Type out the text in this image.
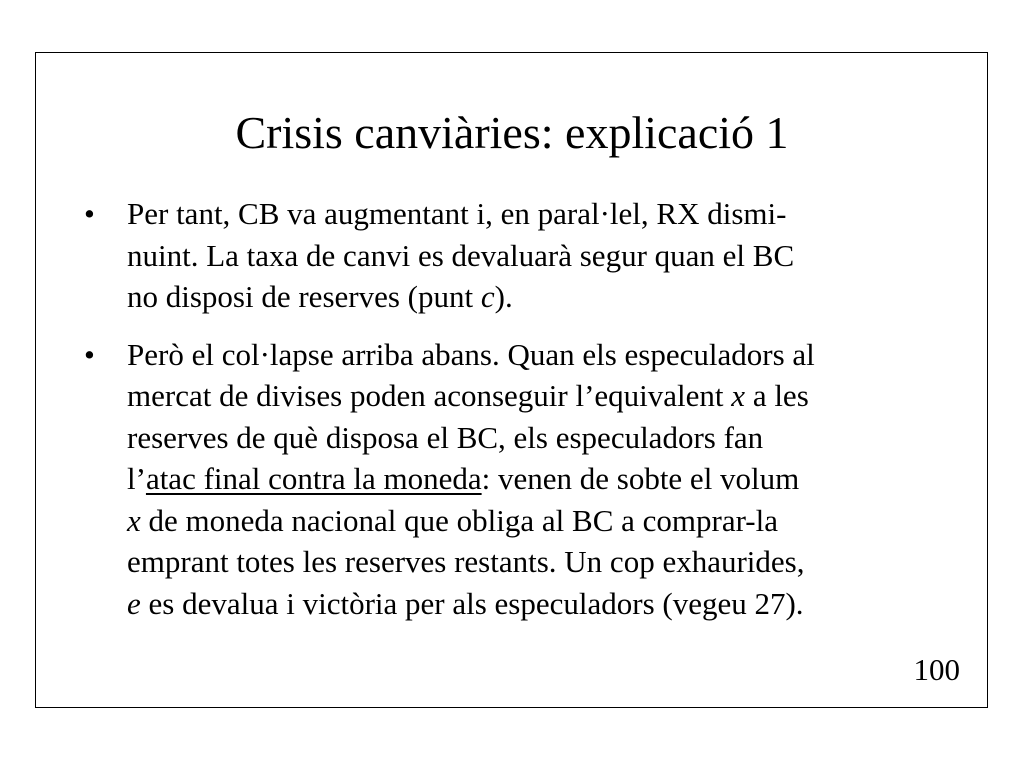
Crisis canviàries: explicació 1
• Per tant, CB va augmentant i, en paral·lel, RX dismi-
nuint. La taxa de canvi es devaluarà segur quan el BC
no disposi de reserves (punt c).
• Però el col·lapse arriba abans. Quan els especuladors al
mercat de divises poden aconseguir l’equivalent x a les
reserves de què disposa el BC, els especuladors fan
l’atac final contra la moneda: venen de sobte el volum
x de moneda nacional que obliga al BC a comprar-la
emprant totes les reserves restants. Un cop exhaurides,
e es devalua i victòria per als especuladors (vegeu 27).
100
